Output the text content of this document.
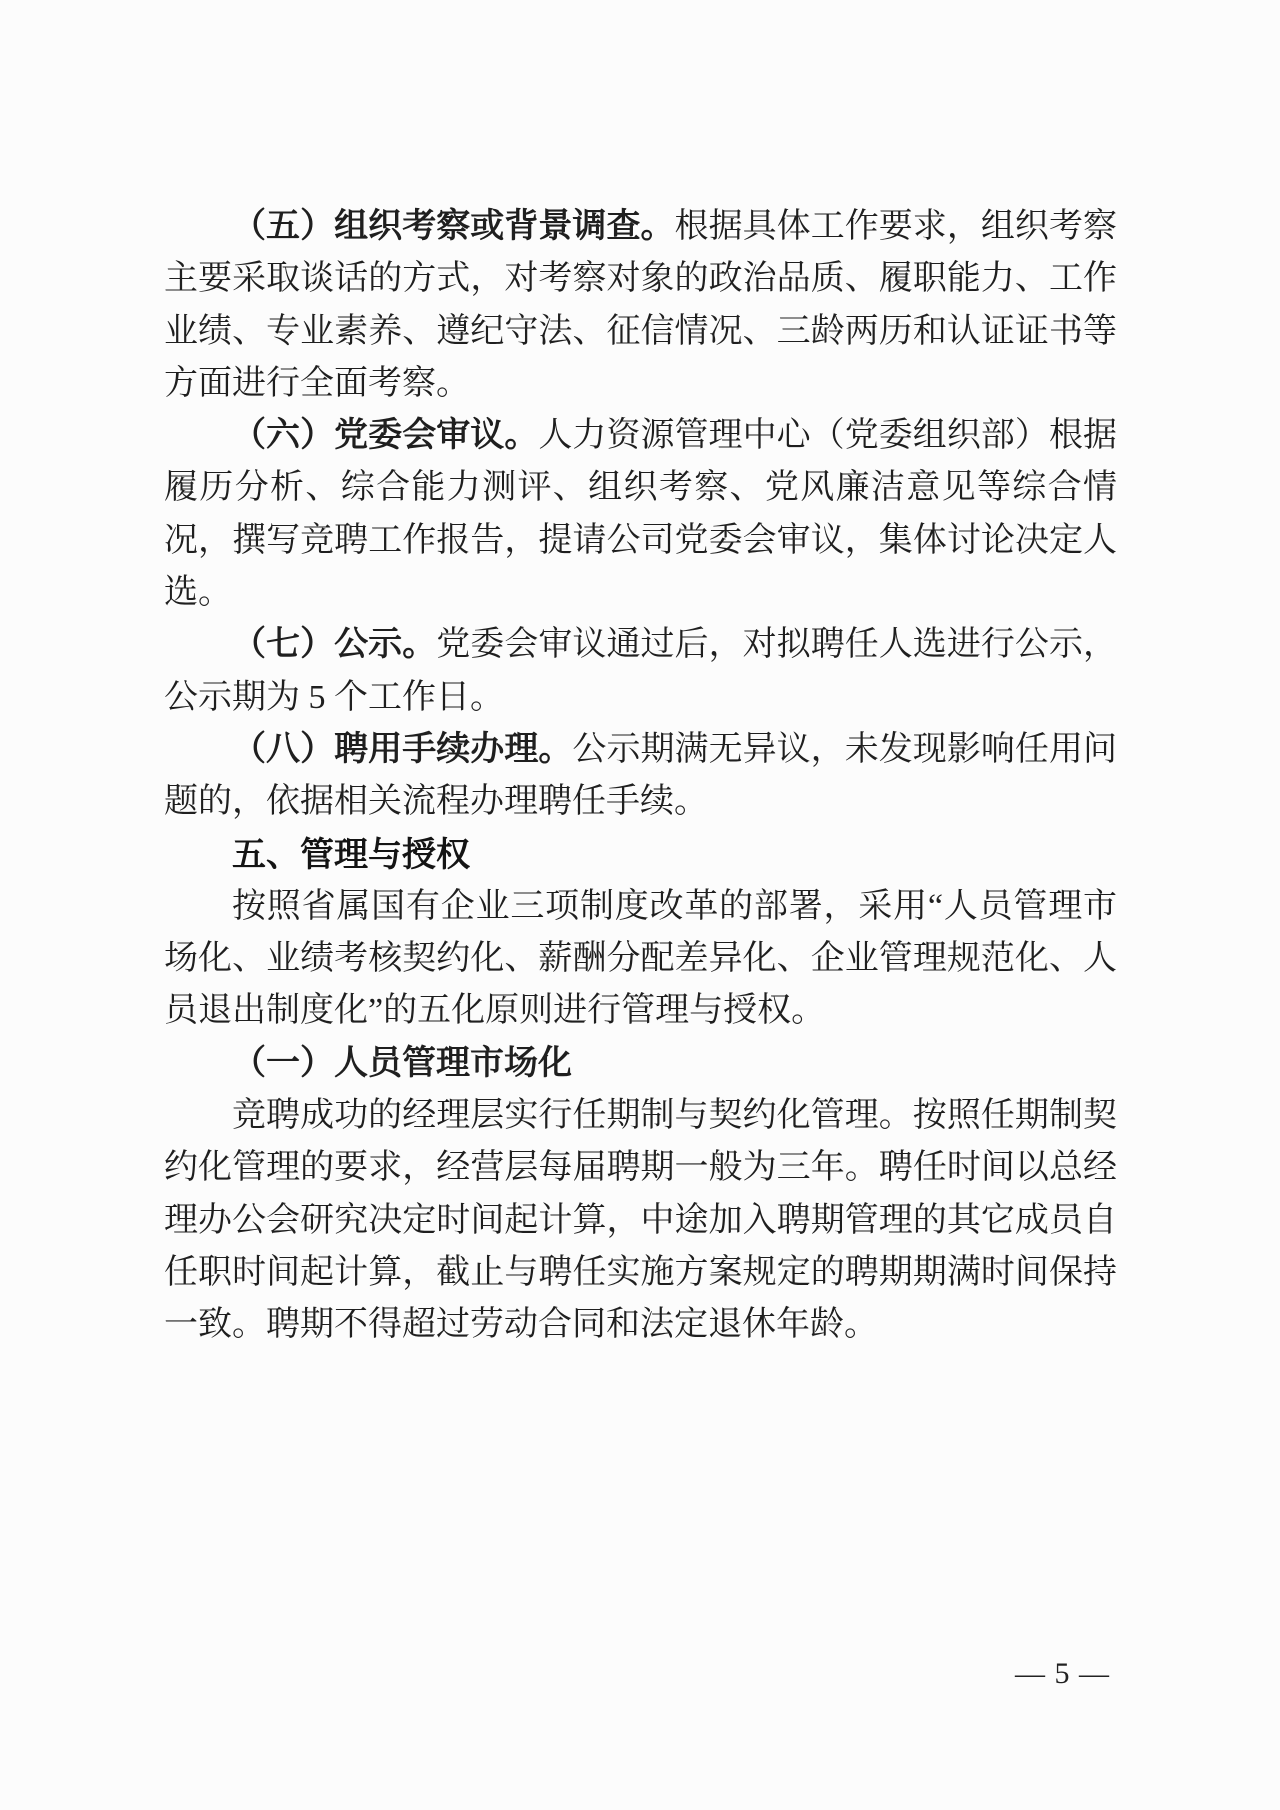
（五）组织考察或背景调查。根据具体工作要求，组织考察主要采取谈话的方式，对考察对象的政治品质、履职能力、工作业绩、专业素养、遵纪守法、征信情况、三龄两历和认证证书等方面进行全面考察。

（六）党委会审议。人力资源管理中心（党委组织部）根据履历分析、综合能力测评、组织考察、党风廉洁意见等综合情况，撰写竞聘工作报告，提请公司党委会审议，集体讨论决定人选。

（七）公示。党委会审议通过后，对拟聘任人选进行公示，公示期为 5 个工作日。

（八）聘用手续办理。公示期满无异议，未发现影响任用问题的，依据相关流程办理聘任手续。

五、管理与授权

按照省属国有企业三项制度改革的部署，采用“人员管理市场化、业绩考核契约化、薪酬分配差异化、企业管理规范化、人员退出制度化”的五化原则进行管理与授权。

（一）人员管理市场化

竞聘成功的经理层实行任期制与契约化管理。按照任期制契约化管理的要求，经营层每届聘期一般为三年。聘任时间以总经理办公会研究决定时间起计算，中途加入聘期管理的其它成员自任职时间起计算，截止与聘任实施方案规定的聘期期满时间保持一致。聘期不得超过劳动合同和法定退休年龄。

— 5 —
